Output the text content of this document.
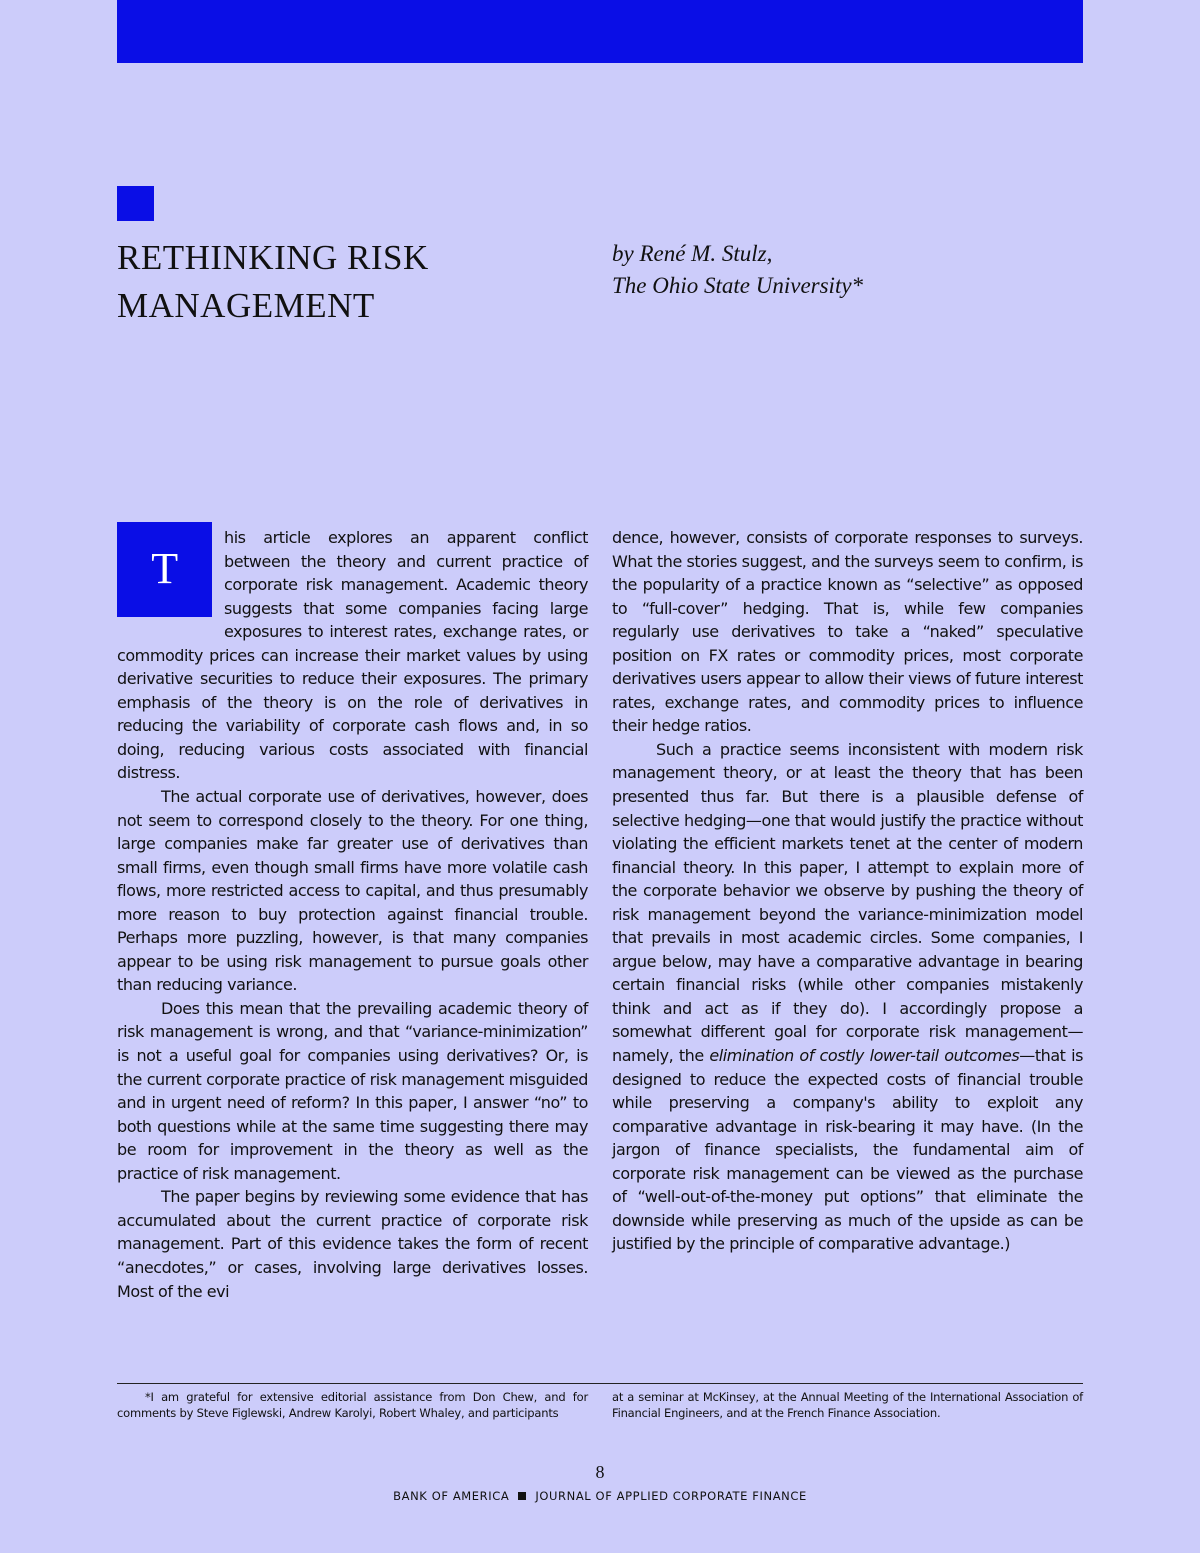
RETHINKING RISK
MANAGEMENT
by René M. Stulz,
The Ohio State University*

T
his article explores an apparent conflict between the theory and current practice of corporate risk management. Academic theory suggests that some companies facing large exposures to interest rates, exchange rates, or commodity prices can increase their market values by using derivative securities to reduce their exposures. The primary emphasis of the theory is on the role of derivatives in reducing the variability of corporate cash flows and, in so doing, reducing various costs associated with financial distress.

The actual corporate use of derivatives, however, does not seem to correspond closely to the theory. For one thing, large companies make far greater use of derivatives than small firms, even though small firms have more volatile cash flows, more restricted access to capital, and thus presumably more reason to buy protection against financial trouble. Perhaps more puzzling, however, is that many companies appear to be using risk management to pursue goals other than reducing variance.

Does this mean that the prevailing academic theory of risk management is wrong, and that “variance-minimization” is not a useful goal for companies using derivatives? Or, is the current corporate practice of risk management misguided and in urgent need of reform? In this paper, I answer “no” to both questions while at the same time suggesting there may be room for improvement in the theory as well as the practice of risk management.

The paper begins by reviewing some evidence that has accumulated about the current practice of corporate risk management. Part of this evidence takes the form of recent “anecdotes,” or cases, involving large derivatives losses. Most of the evi

dence, however, consists of corporate responses to surveys. What the stories suggest, and the surveys seem to confirm, is the popularity of a practice known as “selective” as opposed to “full-cover” hedging. That is, while few companies regularly use derivatives to take a “naked” speculative position on FX rates or commodity prices, most corporate derivatives users appear to allow their views of future interest rates, exchange rates, and commodity prices to influence their hedge ratios.

Such a practice seems inconsistent with modern risk management theory, or at least the theory that has been presented thus far. But there is a plausible defense of selective hedging—one that would justify the practice without violating the efficient markets tenet at the center of modern financial theory. In this paper, I attempt to explain more of the corporate behavior we observe by pushing the theory of risk management beyond the variance-minimization model that prevails in most academic circles. Some companies, I argue below, may have a comparative advantage in bearing certain financial risks (while other companies mistakenly think and act as if they do). I accordingly propose a somewhat different goal for corporate risk management—namely, the elimination of costly lower-tail outcomes—that is designed to reduce the expected costs of financial trouble while preserving a company's ability to exploit any comparative advantage in risk-bearing it may have. (In the jargon of finance specialists, the fundamental aim of corporate risk management can be viewed as the purchase of “well-out-of-the-money put options” that eliminate the downside while preserving as much of the upside as can be justified by the principle of comparative advantage.)

*I am grateful for extensive editorial assistance from Don Chew, and for comments by Steve Figlewski, Andrew Karolyi, Robert Whaley, and participants
at a seminar at McKinsey, at the Annual Meeting of the International Association of Financial Engineers, and at the French Finance Association.
8
BANK OF AMERICA JOURNAL OF APPLIED CORPORATE FINANCE
